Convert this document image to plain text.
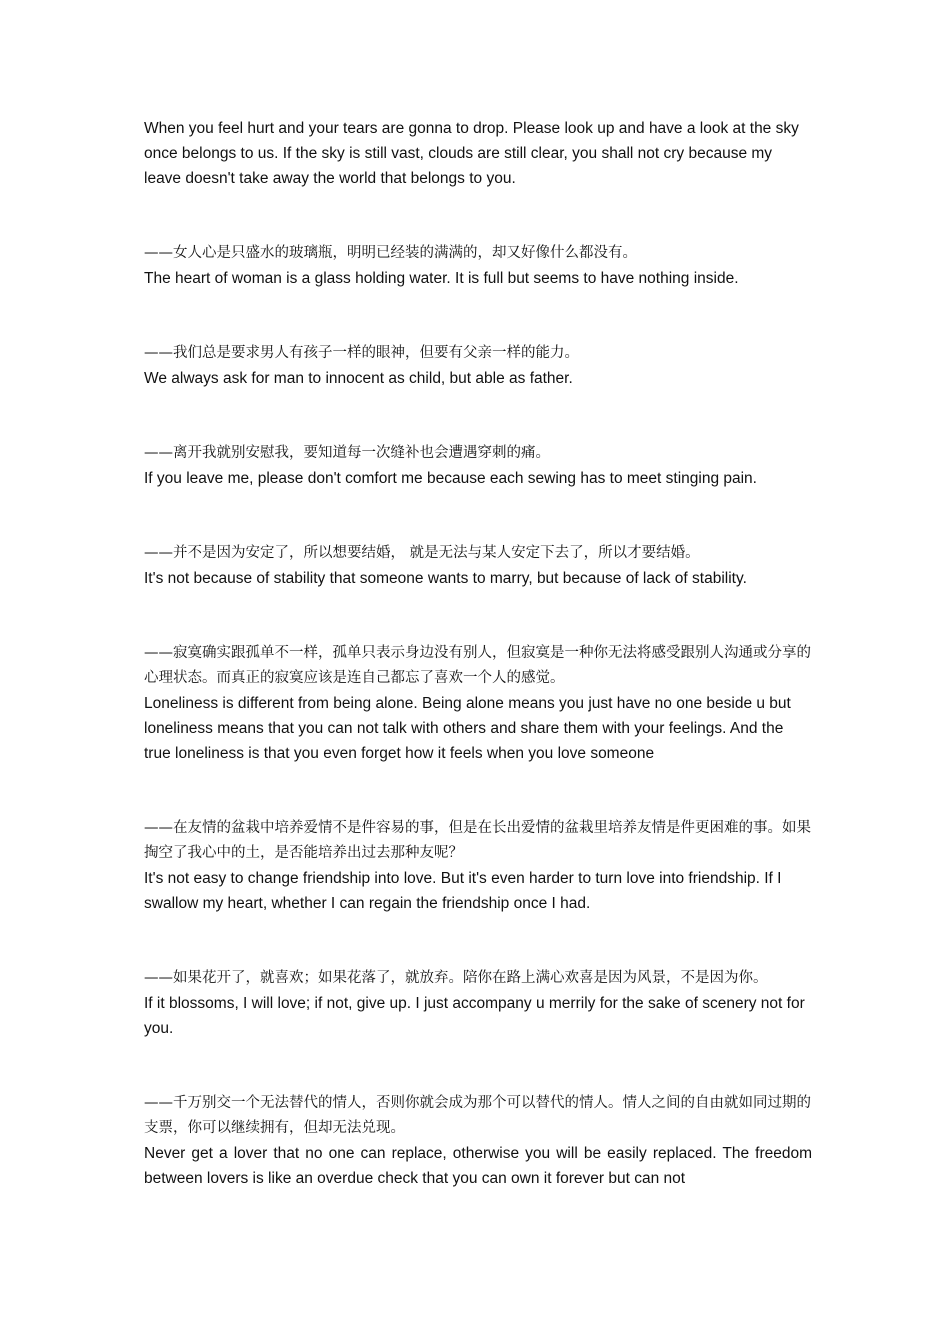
When you feel hurt and your tears are gonna to drop. Please look up and have a look at the sky once belongs to us. If the sky is still vast, clouds are still clear, you shall not cry because my leave doesn't take away the world that belongs to you.

——女人心是只盛水的玻璃瓶，明明已经装的满满的，却又好像什么都没有。

The heart of woman is a glass holding water. It is full but seems to have nothing inside.

——我们总是要求男人有孩子一样的眼神，但要有父亲一样的能力。

We always ask for man to innocent as child, but able as father.

——离开我就别安慰我，要知道每一次缝补也会遭遇穿刺的痛。

If you leave me, please don't comfort me because each sewing has to meet stinging pain.

——并不是因为安定了，所以想要结婚， 就是无法与某人安定下去了，所以才要结婚。

It's not because of stability that someone wants to marry, but because of lack of stability.

——寂寞确实跟孤单不一样，孤单只表示身边没有别人，但寂寞是一种你无法将感受跟别人沟通或分享的心理状态。而真正的寂寞应该是连自己都忘了喜欢一个人的感觉。

Loneliness is different from being alone. Being alone means you just have no one beside u but loneliness means that you can not talk with others and share them with your feelings. And the true loneliness is that you even forget how it feels when you love someone

——在友情的盆栽中培养爱情不是件容易的事，但是在长出爱情的盆栽里培养友情是件更困难的事。如果掏空了我心中的土，是否能培养出过去那种友呢？

It's not easy to change friendship into love. But it's even harder to turn love into friendship. If I swallow my heart, whether I can regain the friendship once I had.

——如果花开了，就喜欢；如果花落了，就放弃。陪你在路上满心欢喜是因为风景，不是因为你。

If it blossoms, I will love; if not, give up. I just accompany u merrily for the sake of scenery not for you.

——千万别交一个无法替代的情人，否则你就会成为那个可以替代的情人。情人之间的自由就如同过期的支票，你可以继续拥有，但却无法兑现。

Never get a lover that no one can replace, otherwise you will be easily replaced. The freedom between lovers is like an overdue check that you can own it forever but can not
